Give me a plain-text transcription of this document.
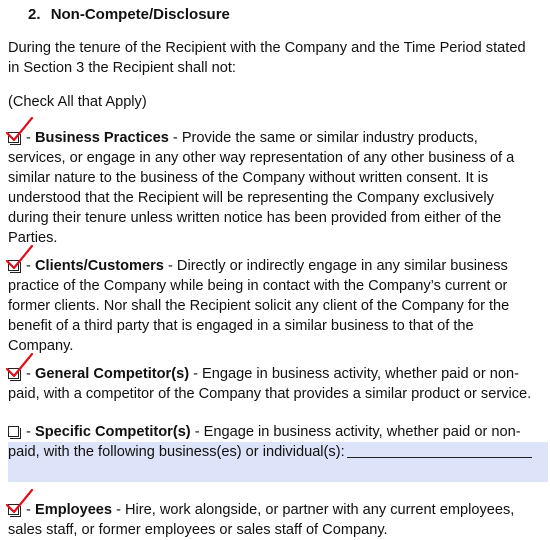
2. Non-Compete/Disclosure
During the tenure of the Recipient with the Company and the Time Period stated
in Section 3 the Recipient shall not:
(Check All that Apply)
- Business Practices - Provide the same or similar industry products,
services, or engage in any other way representation of any other business of a
similar nature to the business of the Company without written consent. It is
understood that the Recipient will be representing the Company exclusively
during their tenure unless written notice has been provided from either of the
Parties.
- Clients/Customers - Directly or indirectly engage in any similar business
practice of the Company while being in contact with the Company’s current or
former clients. Nor shall the Recipient solicit any client of the Company for the
benefit of a third party that is engaged in a similar business to that of the
Company.
- General Competitor(s) - Engage in business activity, whether paid or non-
paid, with a competitor of the Company that provides a similar product or service.
- Specific Competitor(s) - Engage in business activity, whether paid or non-
paid, with the following business(es) or individual(s):
- Employees - Hire, work alongside, or partner with any current employees,
sales staff, or former employees or sales staff of Company.
